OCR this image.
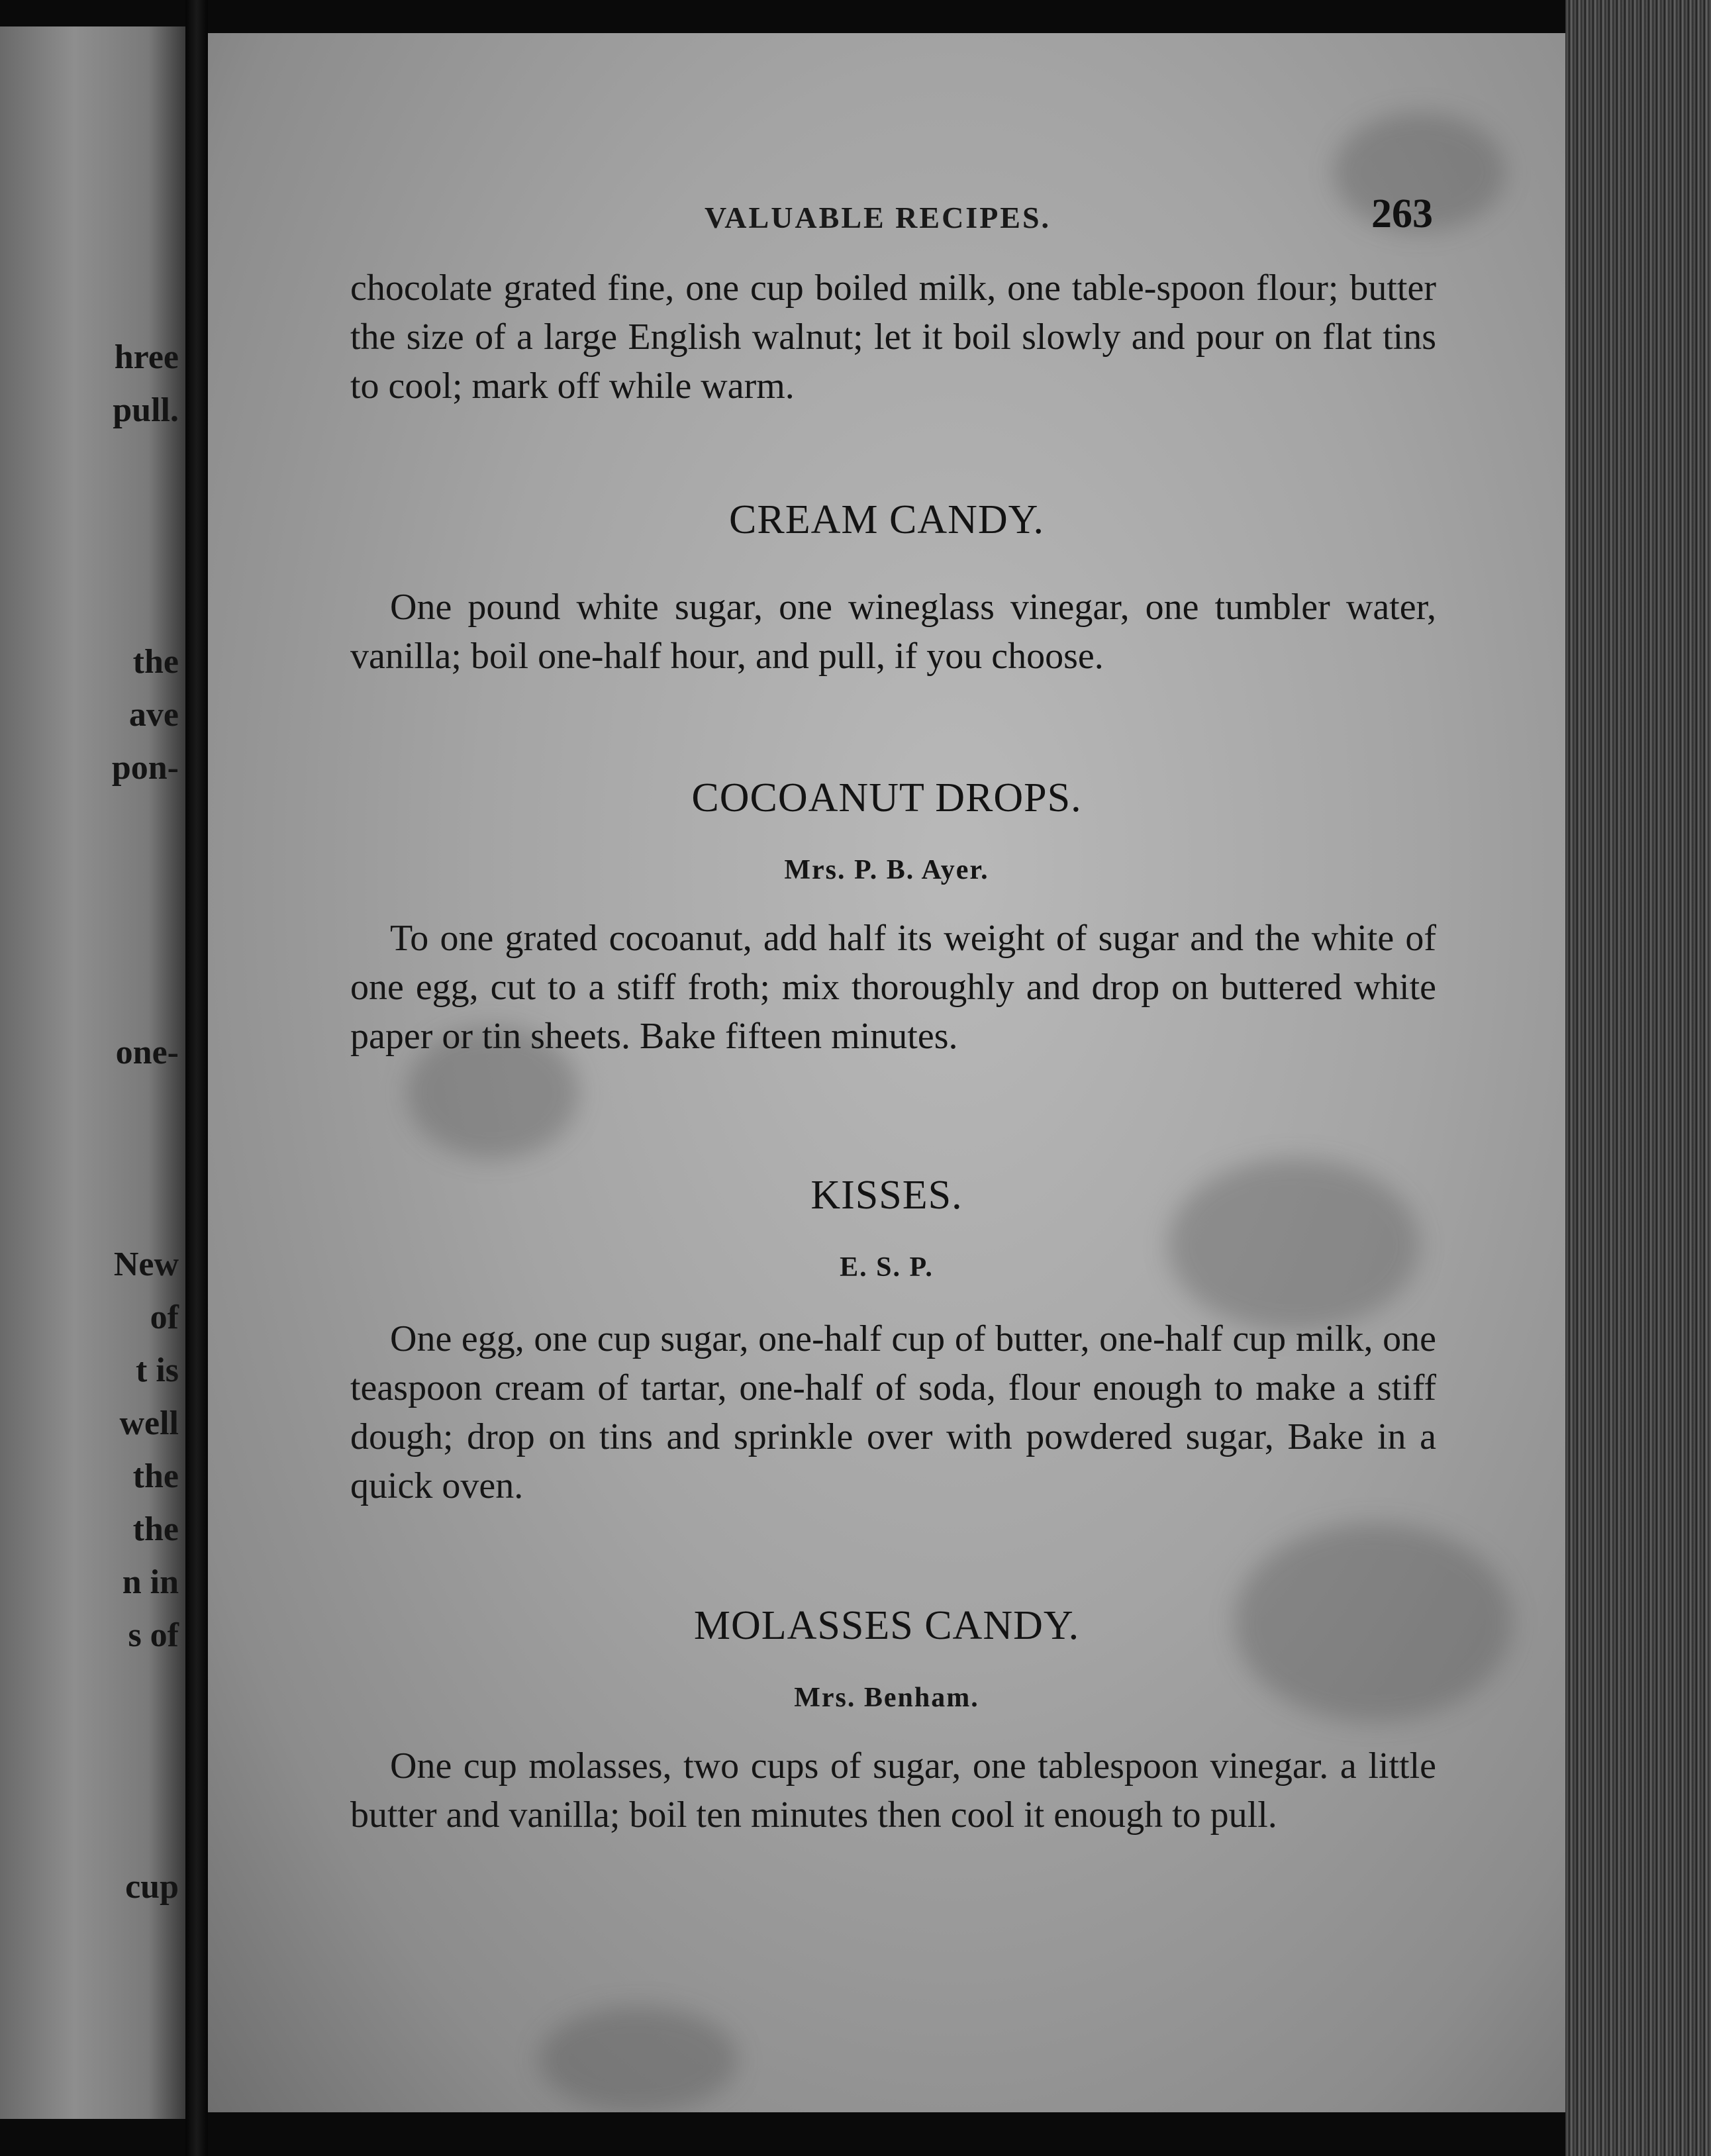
hree
pull.
the
ave
pon-
one-
New
of
t is
well
the
the
n in
s of
cup
VALUABLE RECIPES.	263

chocolate grated fine, one cup boiled milk, one table-spoon flour; butter the size of a large English walnut; let it boil slowly and pour on flat tins to cool; mark off while warm.

CREAM CANDY.

One pound white sugar, one wineglass vinegar, one tumbler water, vanilla; boil one-half hour, and pull, if you choose.

COCOANUT DROPS.
Mrs. P. B. Ayer.

To one grated cocoanut, add half its weight of sugar and the white of one egg, cut to a stiff froth; mix thoroughly and drop on buttered white paper or tin sheets. Bake fifteen minutes.

KISSES.
E. S. P.

One egg, one cup sugar, one-half cup of butter, one-half cup milk, one teaspoon cream of tartar, one-half of soda, flour enough to make a stiff dough; drop on tins and sprinkle over with powdered sugar, Bake in a quick oven.

MOLASSES CANDY.
Mrs. Benham.

One cup molasses, two cups of sugar, one tablespoon vinegar. a little butter and vanilla; boil ten minutes then cool it enough to pull.
